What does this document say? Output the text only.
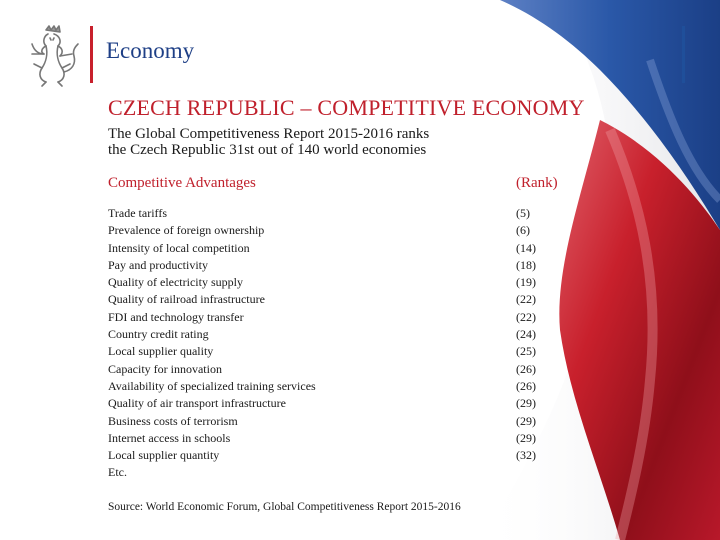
Economy
CZECH REPUBLIC – COMPETITIVE ECONOMY
The Global Competitiveness Report 2015-2016 ranks
the Czech Republic 31st out of 140 world economies
Competitive Advantages	(Rank)
Trade tariffs	(5)
Prevalence of foreign ownership	(6)
Intensity of local competition	(14)
Pay and productivity	(18)
Quality of electricity supply	(19)
Quality of railroad infrastructure	(22)
FDI and technology transfer	(22)
Country credit rating	(24)
Local supplier quality	(25)
Capacity for innovation	(26)
Availability of specialized training services	(26)
Quality of air transport infrastructure	(29)
Business costs of terrorism	(29)
Internet access in schools	(29)
Local supplier quantity	(32)
Etc.
Source: World Economic Forum, Global Competitiveness Report 2015-2016
